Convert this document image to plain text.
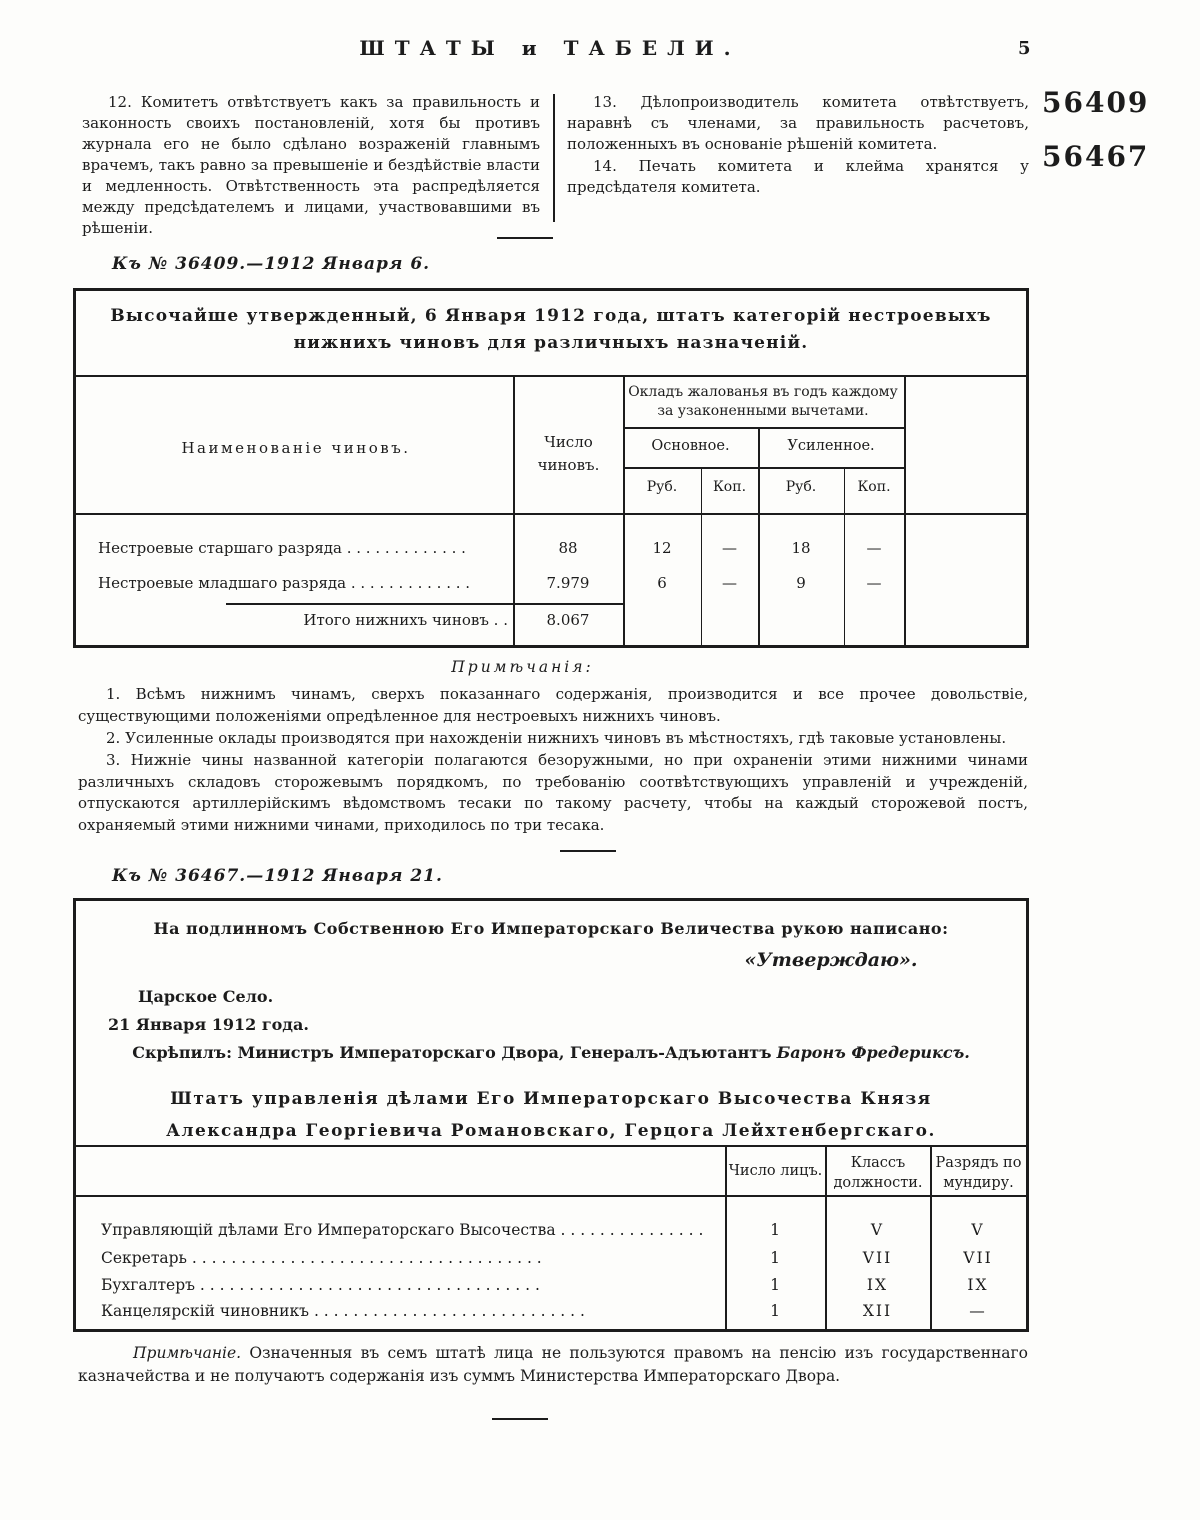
ШТАТЫ и ТАБЕЛИ.	5
56409
56467

12. Комитетъ отвѣтствуетъ какъ за правильность и законность своихъ постановленій, хотя бы противъ журнала его не было сдѣлано возраженій главнымъ врачемъ, такъ равно за превышеніе и бездѣйствіе власти и медленность. Отвѣтственность эта распредѣляется между предсѣдателемъ и лицами, участвовавшими въ рѣшеніи.

13. Дѣлопроизводитель комитета отвѣтствуетъ, наравнѣ съ членами, за правильность расчетовъ, положенныхъ въ основаніе рѣшеній комитета.

14. Печать комитета и клейма хранятся у предсѣдателя комитета.

Къ № 36409.—1912 Января 6.
Высочайше утвержденный, 6 Января 1912 года, штатъ категорій нестроевыхъ нижнихъ чиновъ для различныхъ назначеній.
Наименованіе чиновъ.	Число чиновъ.
Окладъ жалованья въ годъ каждому за узаконенными вычетами.
Основное.	Усиленное.
Руб.	Коп.	Руб.	Коп.
Нестроевые старшаго разряда . . . . . . . . . . . . .	88	12	—	18	—
Нестроевые младшаго разряда . . . . . . . . . . . . .	7.979	6	—	9	—
Итого нижнихъ чиновъ . .	8.067
Примѣчанія:

1. Всѣмъ нижнимъ чинамъ, сверхъ показаннаго содержанія, производится и все прочее довольствіе, существующими положеніями опредѣленное для нестроевыхъ нижнихъ чиновъ.

2. Усиленные оклады производятся при нахожденіи нижнихъ чиновъ въ мѣстностяхъ, гдѣ таковые установлены.

3. Нижніе чины названной категоріи полагаются безоружными, но при охраненіи этими нижними чинами различныхъ складовъ сторожевымъ порядкомъ, по требованію соотвѣтствующихъ управленій и учрежденій, отпускаются артиллерійскимъ вѣдомствомъ тесаки по такому расчету, чтобы на каждый сторожевой постъ, охраняемый этими нижними чинами, приходилось по три тесака.

Къ № 36467.—1912 Января 21.
На подлинномъ Собственною Его Императорскаго Величества рукою написано:
«Утверждаю».
Царское Село.
21 Января 1912 года.
Скрѣпилъ: Министръ Императорскаго Двора, Генералъ-Адъютантъ Баронъ Фредериксъ.
Штатъ управленія дѣлами Его Императорскаго Высочества Князя Александра Георгіевича Романовскаго, Герцога Лейхтенбергскаго.
Число лицъ.	Классъ должности.
Разрядъ по мундиру.
Управляющій дѣлами Его Императорскаго Высочества . . . . . . . . . . . . . . .	1	V	V
Секретарь . . . . . . . . . . . . . . . . . . . . . . . . . . . . . . . . . . . .	1	VII	VII
Бухгалтеръ . . . . . . . . . . . . . . . . . . . . . . . . . . . . . . . . . . .	1	IX	IX
Канцелярскій чиновникъ . . . . . . . . . . . . . . . . . . . . . . . . . . . .	1	XII	—

Примѣчаніе. Означенныя въ семъ штатѣ лица не пользуются правомъ на пенсію изъ государственнаго казначейства и не получаютъ содержанія изъ суммъ Министерства Императорскаго Двора.
